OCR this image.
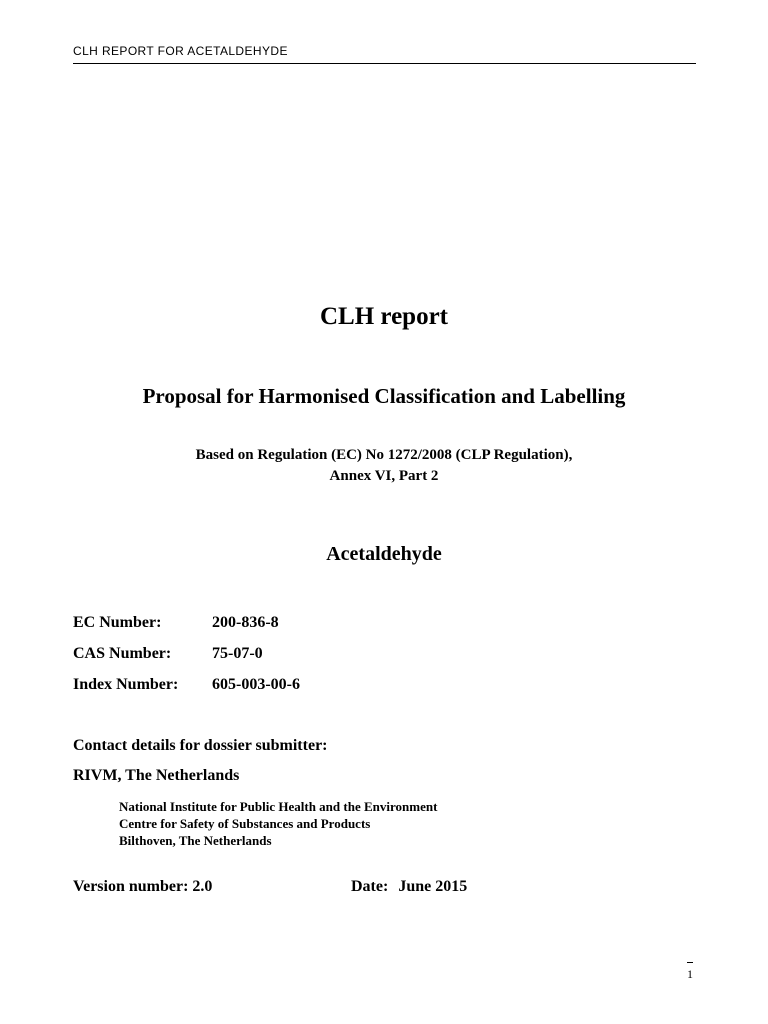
CLH REPORT FOR ACETALDEHYDE
CLH report
Proposal for Harmonised Classification and Labelling
Based on Regulation (EC) No 1272/2008 (CLP Regulation),
Annex VI, Part 2
Acetaldehyde
EC Number:	200-836-8
CAS Number:	75-07-0
Index Number:	605-003-00-6
Contact details for dossier submitter:
RIVM, The Netherlands
National Institute for Public Health and the Environment
Centre for Safety of Substances and Products
Bilthoven, The Netherlands
Version number: 2.0	Date: June 2015
1
